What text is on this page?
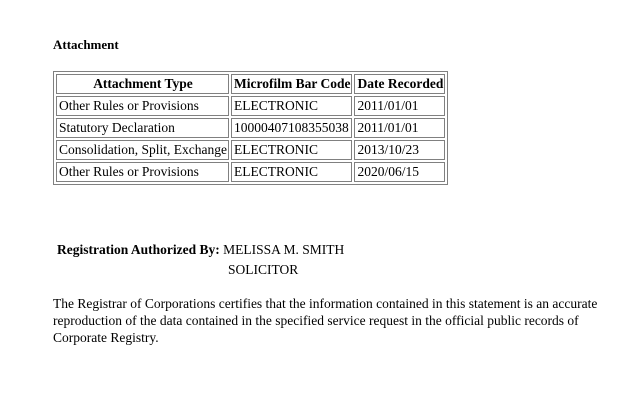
Attachment
Attachment Type	Microfilm Bar Code	Date Recorded
Other Rules or Provisions	ELECTRONIC	2011/01/01
Statutory Declaration	10000407108355038	2011/01/01
Consolidation, Split, Exchange	ELECTRONIC	2013/10/23
Other Rules or Provisions	ELECTRONIC	2020/06/15
Registration Authorized By: MELISSA M. SMITH
SOLICITOR

The Registrar of Corporations certifies that the information contained in this statement is an accurate reproduction of the data contained in the specified service request in the official public records of Corporate Registry.
